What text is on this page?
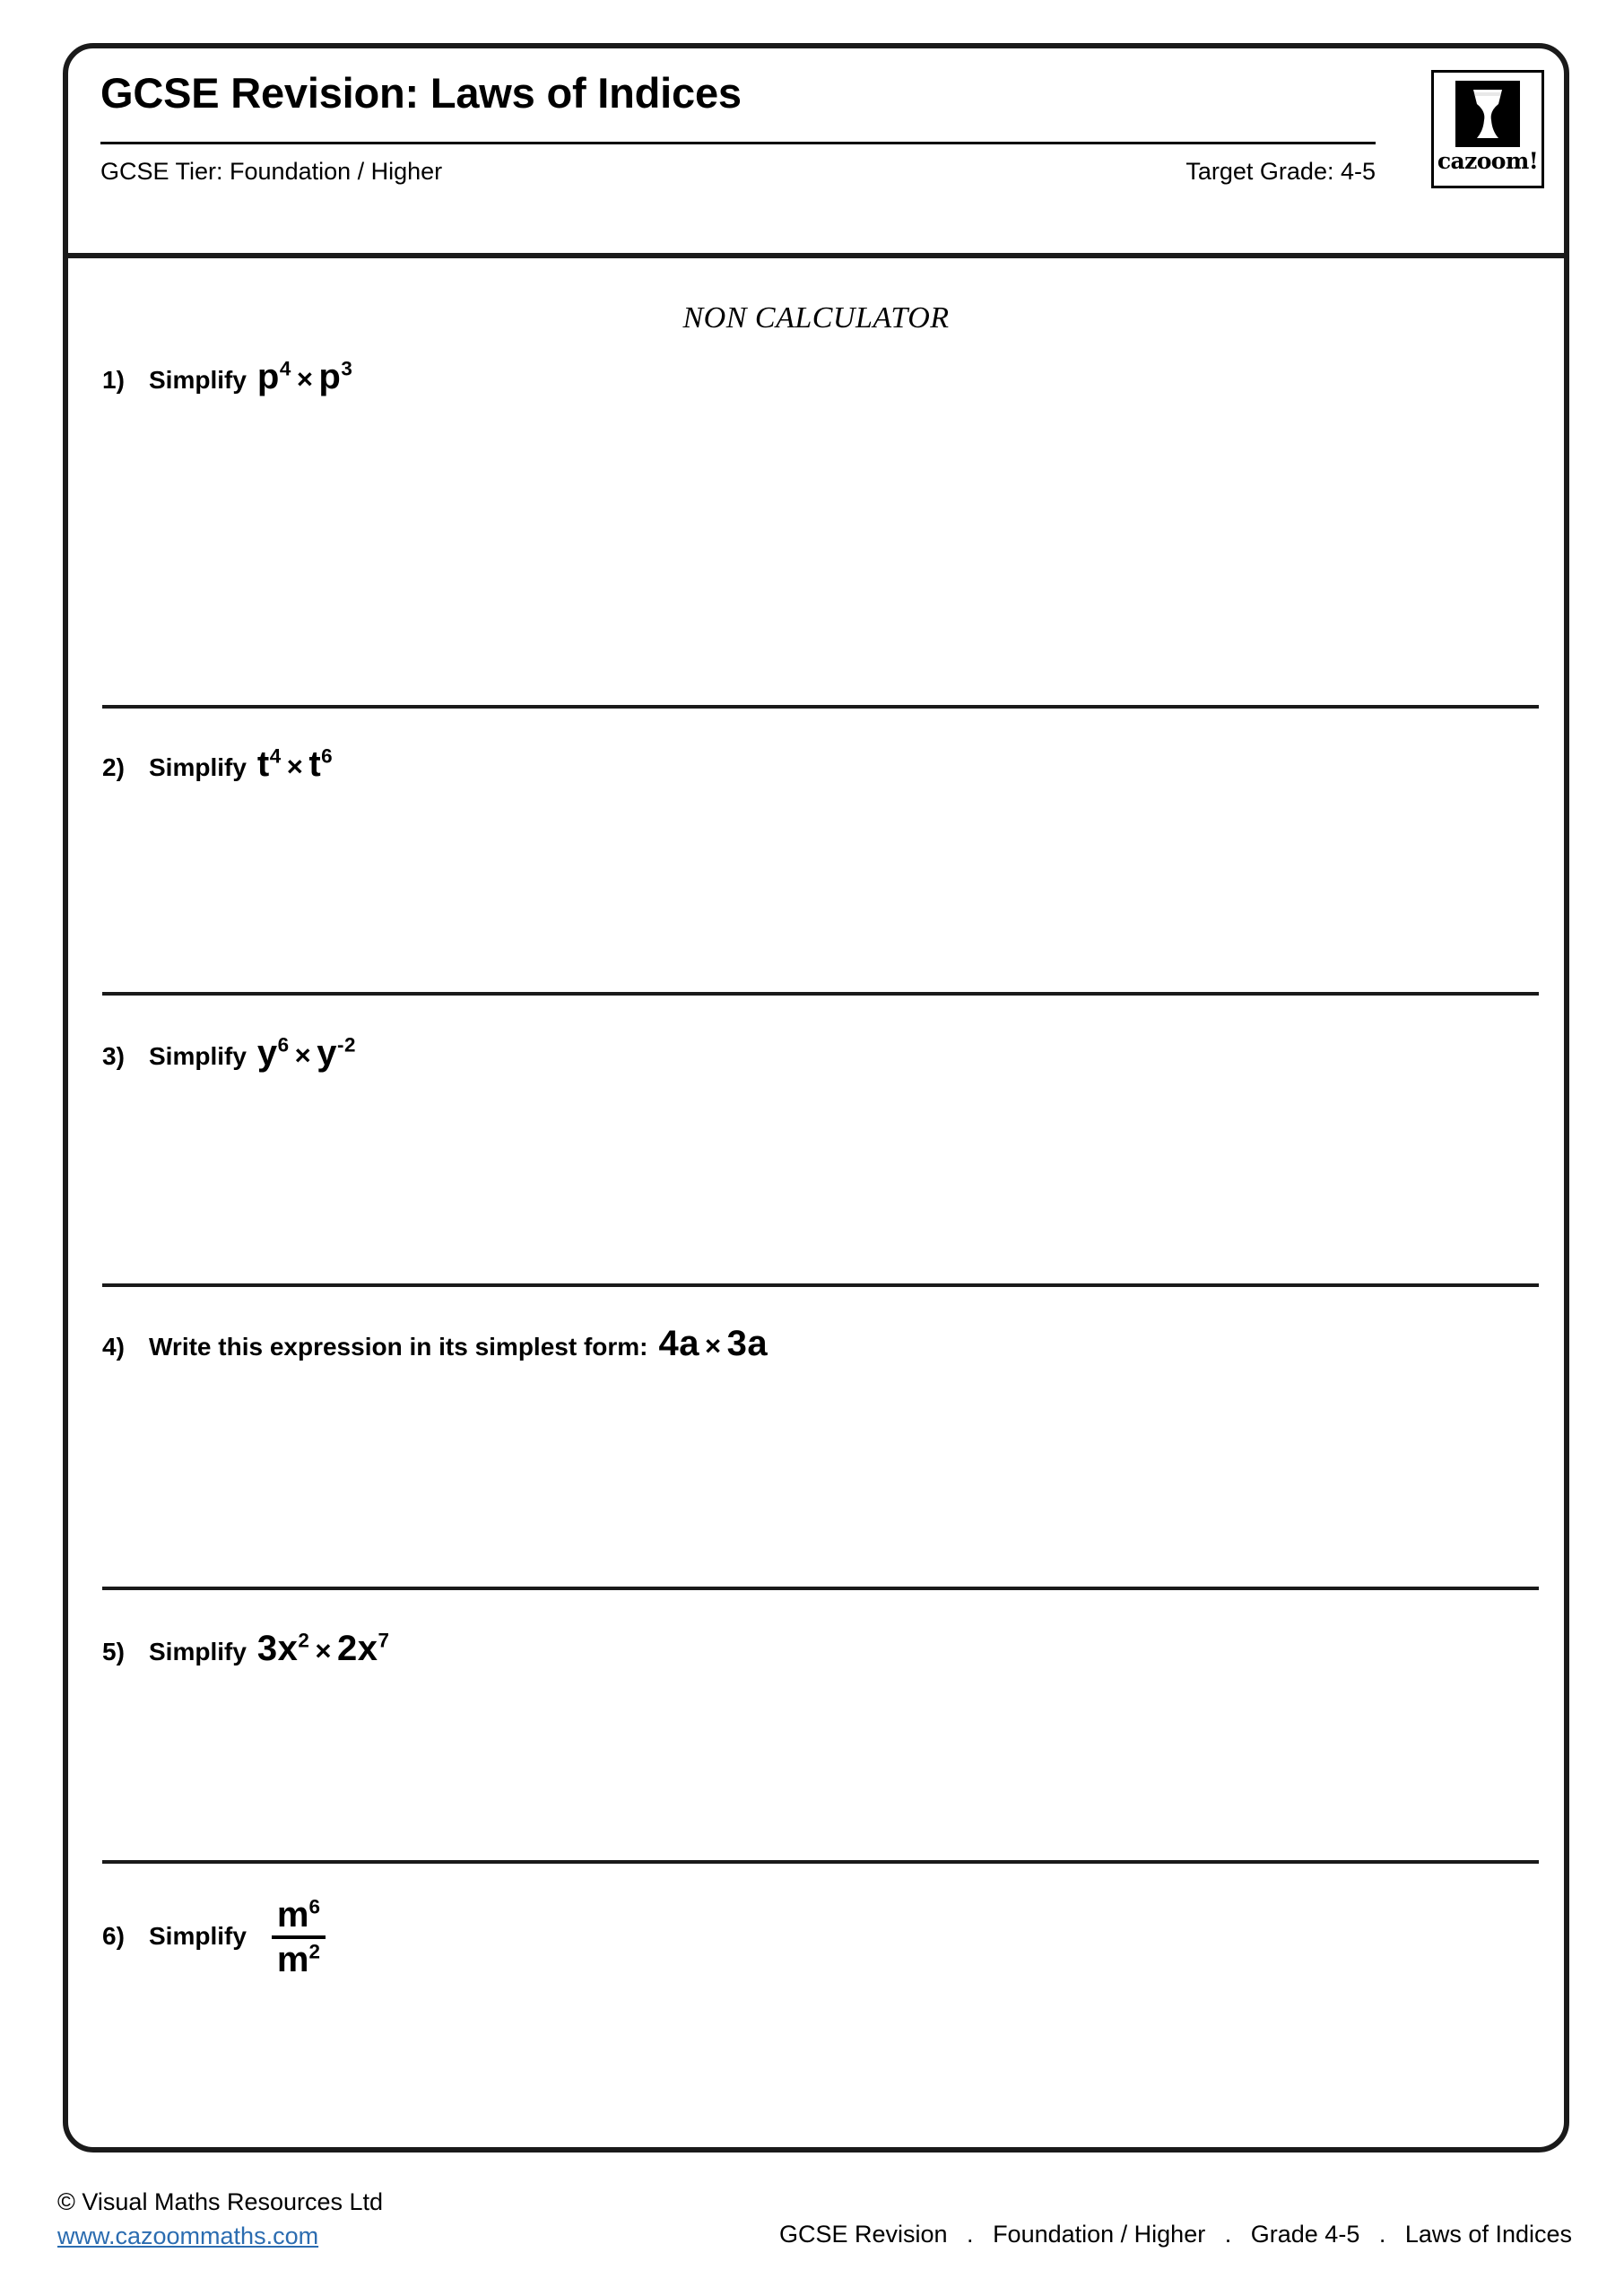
GCSE Revision: Laws of Indices
GCSE Tier: Foundation / Higher	Target Grade: 4-5	cazoom!
NON CALCULATOR
1) Simplify $p^4 \times p^3$
2) Simplify $t^4 \times t^6$
3) Simplify $y^6 \times y^{-2}$
4) Write this expression in its simplest form: 4a × 3a
5) Simplify $3x^2 \times 2x^7$
6) Simplify $\frac{m^6}{m^2}$
© Visual Maths Resources Ltd
www.cazoommaths.com	GCSE Revision . Foundation / Higher . Grade 4-5 . Laws of Indices
